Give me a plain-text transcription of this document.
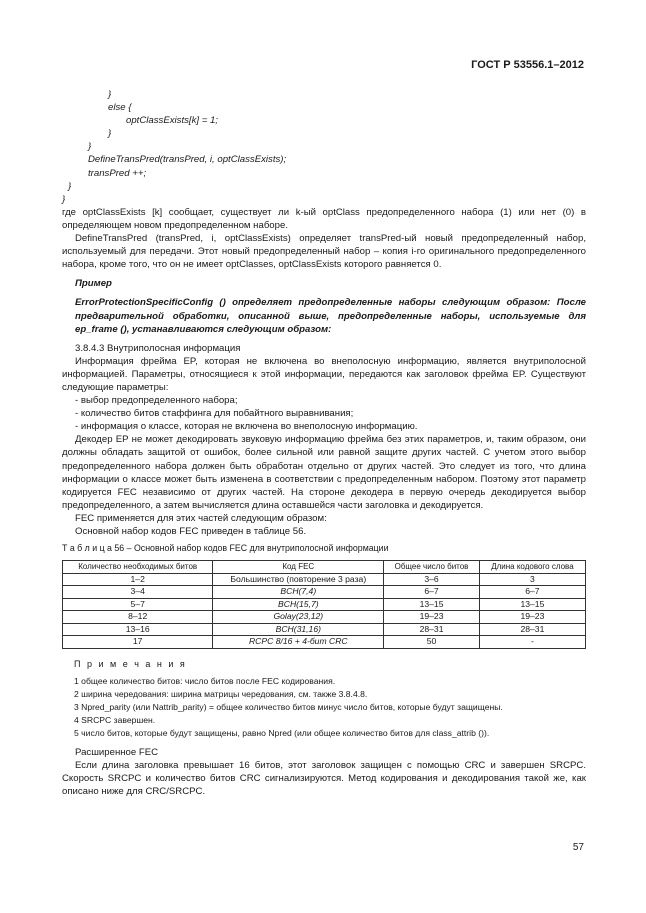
ГОСТ Р 53556.1–2012
}
else {
optClassExists[k] = 1;
}
}
DefineTransPred(transPred, i, optClassExists);
transPred ++;
}
}

где optClassExists [k] сообщает, существует ли k-ый optClass предопределенного набора (1) или нет (0) в определяющем новом предопределенном наборе.

DefineTransPred (transPred, i, optClassExists) определяет transPred-ый новый предопределенный набор, используемый для передачи. Этот новый предопределенный набор – копия i-го оригинального предопределенного набора, кроме того, что он не имеет optClasses, optClassExists которого равняется 0.

Пример

ErrorProtectionSpecificConfig () определяет предопределенные наборы следующим образом: После предварительной обработки, описанной выше, предопределенные наборы, используемые для ep_frame (), устанавливаются следующим образом:

3.8.4.3 Внутриполосная информация

Информация фрейма EP, которая не включена во внеполосную информацию, является внутриполосной информацией. Параметры, относящиеся к этой информации, передаются как заголовок фрейма EP. Существуют следующие параметры:

- выбор предопределенного набора;
- количество битов стаффинга для побайтного выравнивания;
- информация о классе, которая не включена во внеполосную информацию.

Декодер EP не может декодировать звуковую информацию фрейма без этих параметров, и, таким образом, они должны обладать защитой от ошибок, более сильной или равной защите других частей. С учетом этого выбор предопределенного набора должен быть обработан отдельно от других частей. Это следует из того, что длина информации о классе может быть изменена в соответствии с предопределенным набором. Поэтому этот параметр кодируется FEC независимо от других частей. На стороне декодера в первую очередь декодируется выбор предопределенного, а затем вычисляется длина оставшейся части заголовка и декодируется.

FEC применяется для этих частей следующим образом:

Основной набор кодов FEC приведен в таблице 56.

Т а б л и ц а 56 – Основной набор кодов FEC для внутриполосной информации
Количество необходимых битов	Код FEC	Общее число битов	Длина кодового слова
1–2	Большинство (повторение 3 раза)	3–6	3
3–4	BCH(7,4)	6–7	6–7
5–7	BCH(15,7)	13–15	13–15
8–12	Golay(23,12)	19–23	19–23
13–16	BCH(31,16)	28–31	28–31
17	RCPC 8/16 + 4-бит CRC	50	-
П р и м е ч а н и я
1 общее количество битов: число битов после FEC кодирования.
2 ширина чередования: ширина матрицы чередования, см. также 3.8.4.8.
3 Npred_parity (или Nattrib_parity) = общее количество битов минус число битов, которые будут защищены.
4 SRCPC завершен.
5 число битов, которые будут защищены, равно Npred (или общее количество битов для class_attrib ()).

Расширенное FEC

Если длина заголовка превышает 16 битов, этот заголовок защищен с помощью CRC и завершен SRCPC. Скорость SRCPC и количество битов CRC сигнализируются. Метод кодирования и декодирования такой же, как описано ниже для CRC/SRCPC.

57
